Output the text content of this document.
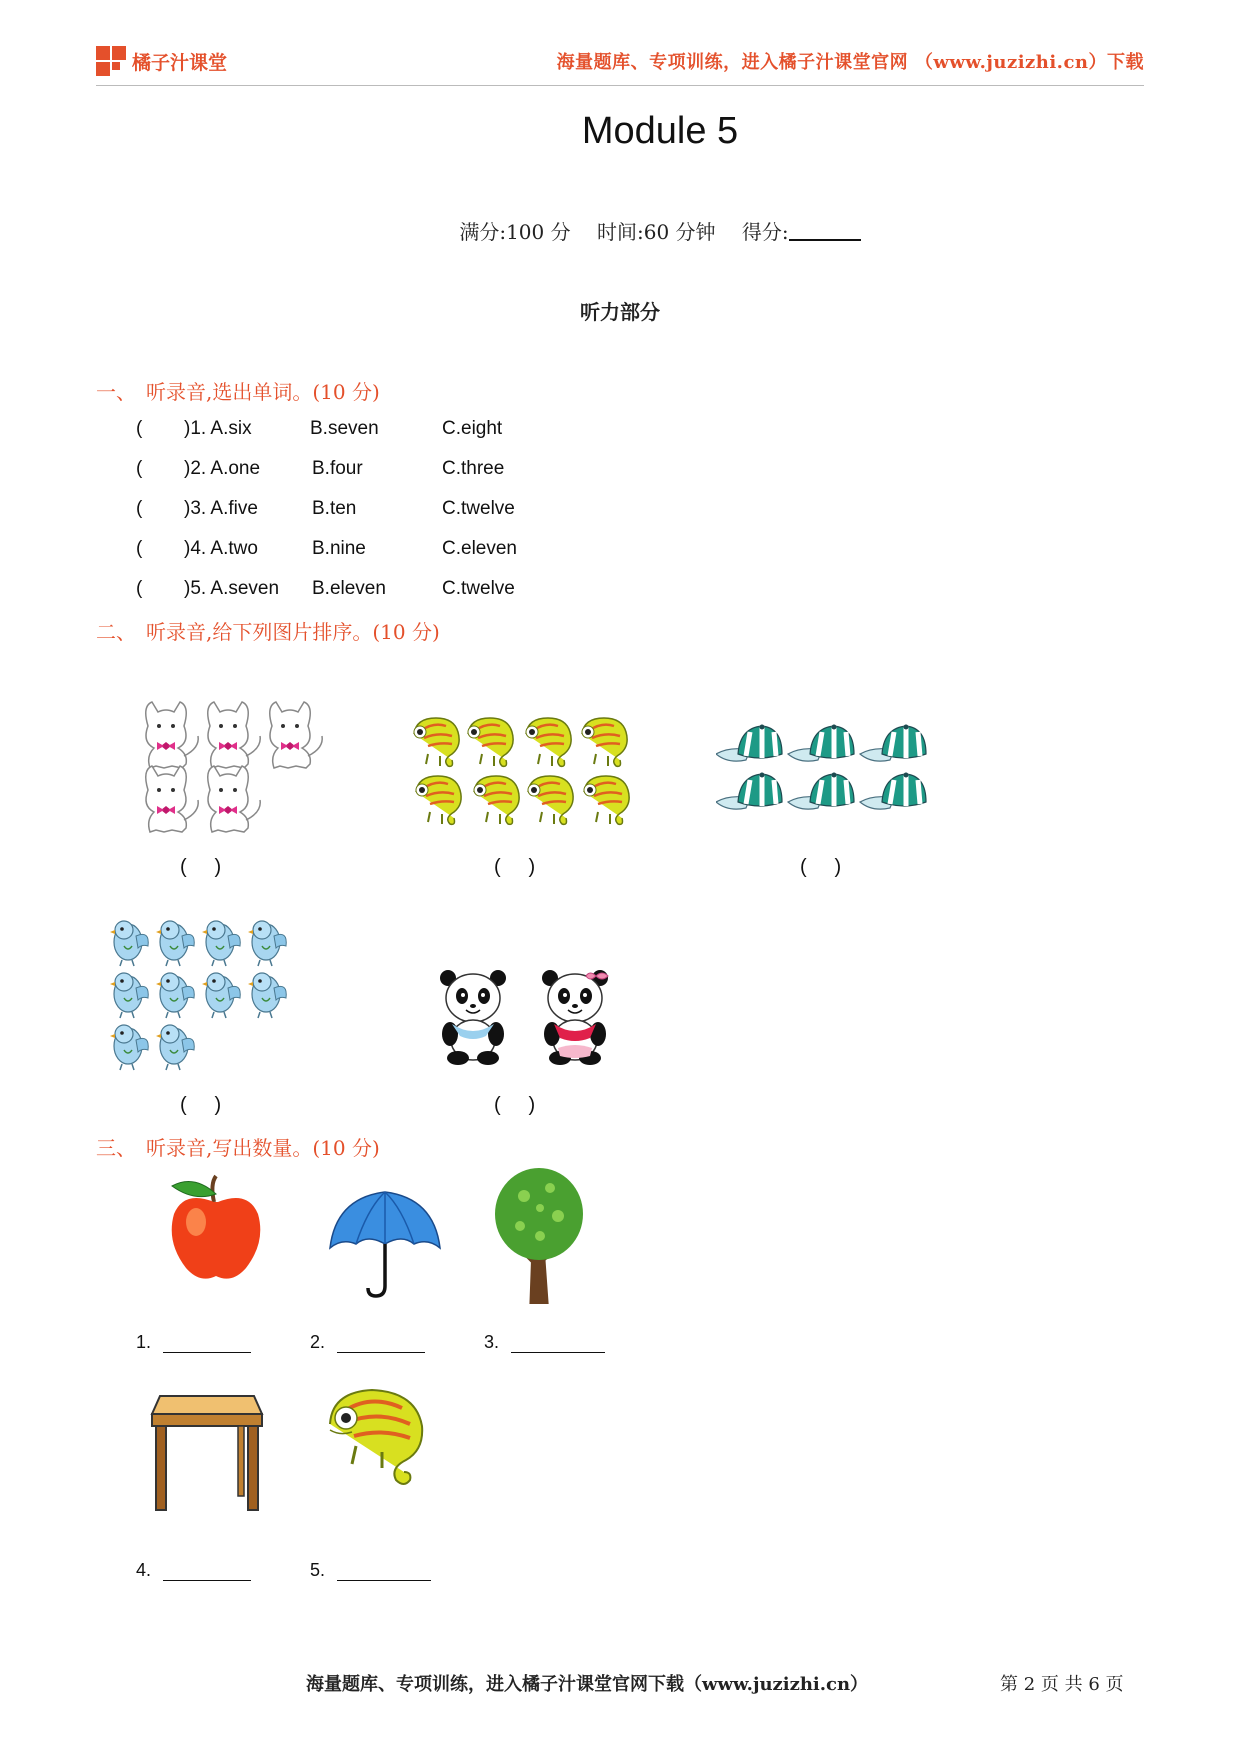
橘子汁课堂	海量题库、专项训练，进入橘子汁课堂官网 （www.juzizhi.cn）下载
Module 5
满分:100 分 时间:60 分钟 得分:
听力部分
一、 听录音,选出单词。(10 分)
( )1. A.six	B.seven	C.eight
( )2. A.one	B.four	C.three
( )3. A.five	B.ten	C.twelve
( )4. A.two	B.nine	C.eleven
( )5. A.seven B.eleven	C.twelve
二、 听录音,给下列图片排序。(10 分)
(     )	(     )	(     )
(     )	(     )
三、 听录音,写出数量。(10 分)
1.	2.	3.
4.	5.
海量题库、专项训练，进入橘子汁课堂官网下载（www.juzizhi.cn）	第 2 页 共 6 页
